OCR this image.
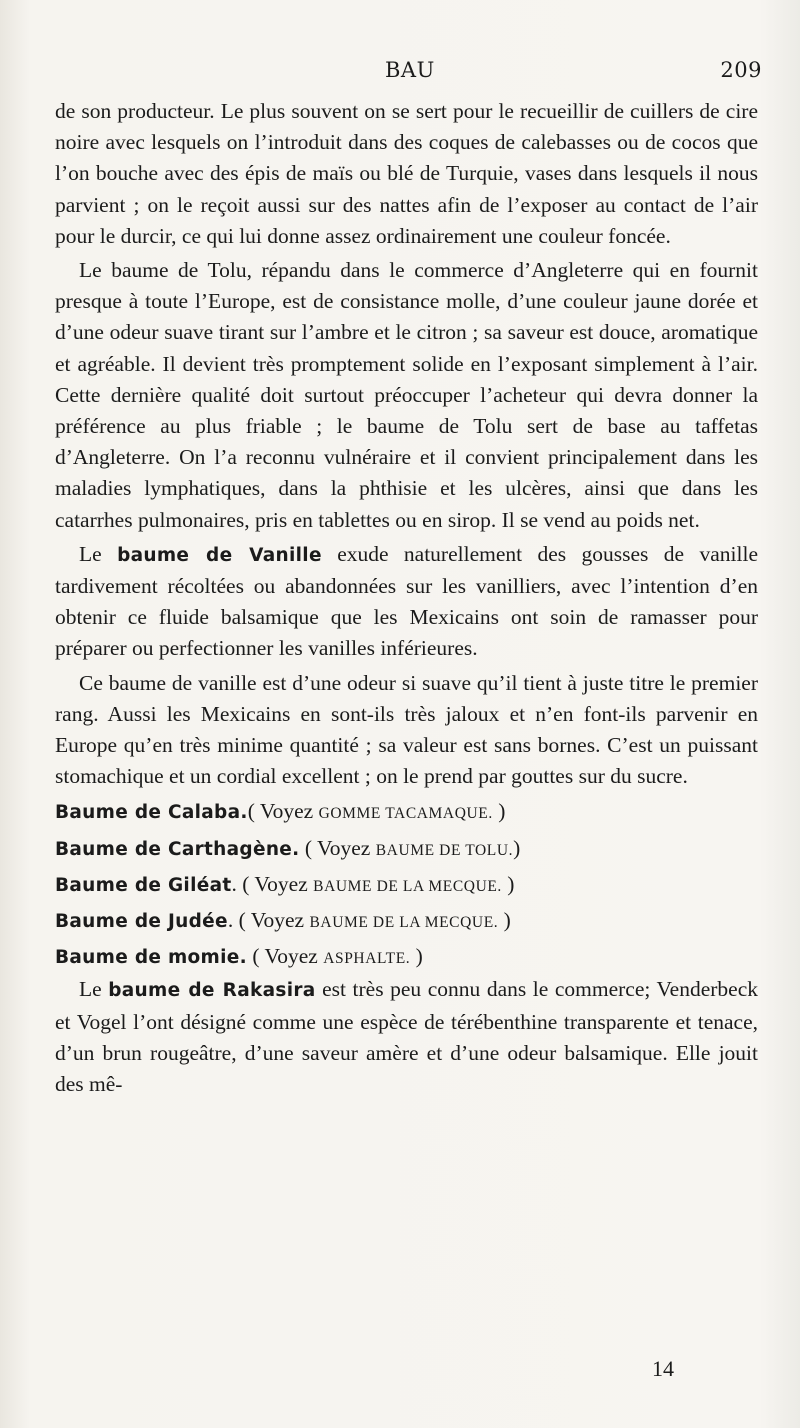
BAU	209

de son producteur. Le plus souvent on se sert pour le recueillir de cuillers de cire noire avec lesquels on l’introduit dans des coques de calebasses ou de cocos que l’on bouche avec des épis de maïs ou blé de Turquie, vases dans lesquels il nous parvient ; on le reçoit aussi sur des nattes afin de l’exposer au contact de l’air pour le durcir, ce qui lui donne assez ordinairement une couleur foncée.

Le baume de Tolu, répandu dans le commerce d’Angleterre qui en fournit presque à toute l’Europe, est de consistance molle, d’une couleur jaune dorée et d’une odeur suave tirant sur l’ambre et le citron ; sa saveur est douce, aromatique et agréable. Il devient très promptement solide en l’exposant simplement à l’air. Cette dernière qualité doit surtout préoccuper l’acheteur qui devra donner la préférence au plus friable ; le baume de Tolu sert de base au taffetas d’Angleterre. On l’a reconnu vulnéraire et il convient principalement dans les maladies lymphatiques, dans la phthisie et les ulcères, ainsi que dans les catarrhes pulmonaires, pris en tablettes ou en sirop. Il se vend au poids net.

Le baume de Vanille exude naturellement des gousses de vanille tardivement récoltées ou abandonnées sur les vanilliers, avec l’intention d’en obtenir ce fluide balsamique que les Mexicains ont soin de ramasser pour préparer ou perfectionner les vanilles inférieures.

Ce baume de vanille est d’une odeur si suave qu’il tient à juste titre le premier rang. Aussi les Mexicains en sont-ils très jaloux et n’en font-ils parvenir en Europe qu’en très minime quantité ; sa valeur est sans bornes. C’est un puissant stomachique et un cordial excellent ; on le prend par gouttes sur du sucre.

Baume de Calaba.( Voyez GOMME TACAMAQUE. )

Baume de Carthagène. ( Voyez BAUME DE TOLU.)

Baume de Giléat. ( Voyez BAUME DE LA MECQUE. )

Baume de Judée. ( Voyez BAUME DE LA MECQUE. )

Baume de momie. ( Voyez ASPHALTE. )

Le baume de Rakasira est très peu connu dans le commerce; Venderbeck et Vogel l’ont désigné comme une espèce de térébenthine transparente et tenace, d’un brun rougeâtre, d’une saveur amère et d’une odeur balsamique. Elle jouit des mê-

14
